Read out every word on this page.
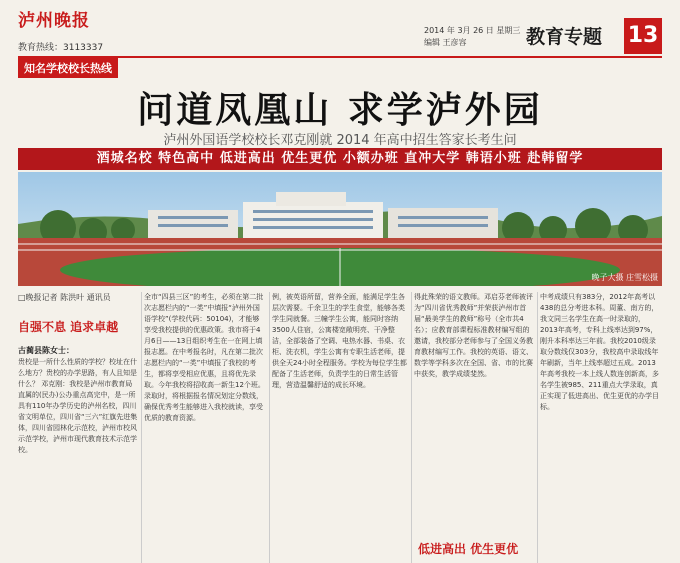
泸州晚报
教育热线：3113337
2014 年 3月 26 日 星期三
编辑 王彦容	教育专题 13
知名学校校长热线
问道凤凰山 求学泸外园
泸州外国语学校校长邓克刚就 2014 年高中招生答家长考生问
酒城名校 特色高中 低进高出 优生更优 小额办班 直冲大学 韩语小班 赴韩留学
晚子大摄 庄雪松摄
□晚报记者 陈洪叶 通讯员
自强不息 追求卓越
古蔺县陈女士：
贵校是一所什么性质的学校？校址在什么地方？贵校的办学思路，有人且知是什么？ 邓克刚：我校是泸州市教育局直属的(民办)公办重点高完中，是一所具有110年办学历史的泸州名校，四川省文明单位，四川省“三六”红旗先进集体，四川省园林化示范校，泸州市校风示范学校，泸州市现代教育技术示范学校。
全市“四县三区”的考生，必须在第二批次志愿栏内的“一类”中填报“泸州外国语学校”(学校代码：50104)，才能够享受我校提供的优惠政策。我市将于4月6日——13日组织考生在一在网上填报志愿。在中考报名时，凡在第二批次志愿栏内的“一类”中填报了我校的考生，都将享受相应优惠，且将优先录取。今年我校将招收高一新生12个班。录取时，将根据报名情况划定分数线，确保优秀考生能够进入我校就读，享受优质的教育资源。
例，被英语所留，营养全面，能满足学生各层次需要。千余卫生的学生食堂，能够各类学生同就餐。三幢学生公寓，能同时容纳3500人住宿，公寓楼宽敞明亮、干净整洁，全部装备了空调、电热水器、书桌、衣柜、洗衣机，学生公寓有专职生活老师，提供全天24小时全程服务。学校为每位学生都配备了生活老师，负责学生的日常生活管理，营造温馨舒适的成长环境。
得此殊荣的语文教师。邓启芬老师被评为“四川省优秀教师”并荣获泸州市首届“最美学生的教师”称号（全市共4名）；应教育部课程标准教材编写组的邀请，我校部分老师参与了全国义务教育教材编写工作。我校的英语、语文、数学等学科多次在全国、省、市的比赛中获奖，教学成绩斐然。
低进高出 优生更优
中考成绩只有383分，2012年高考以438的总分考进本科。周董、南方的，我文同三名学生在高一时录取的，2013年高考，专科上线率达到97%，刚升本科率达三年前。我校2010级录取分数线仅303分，我校高中录取线年年刷新，当年上线率超过五成。2013年高考我校一本上线人数连创新高，多名学生被985、211重点大学录取，真正实现了低进高出、优生更优的办学目标。
